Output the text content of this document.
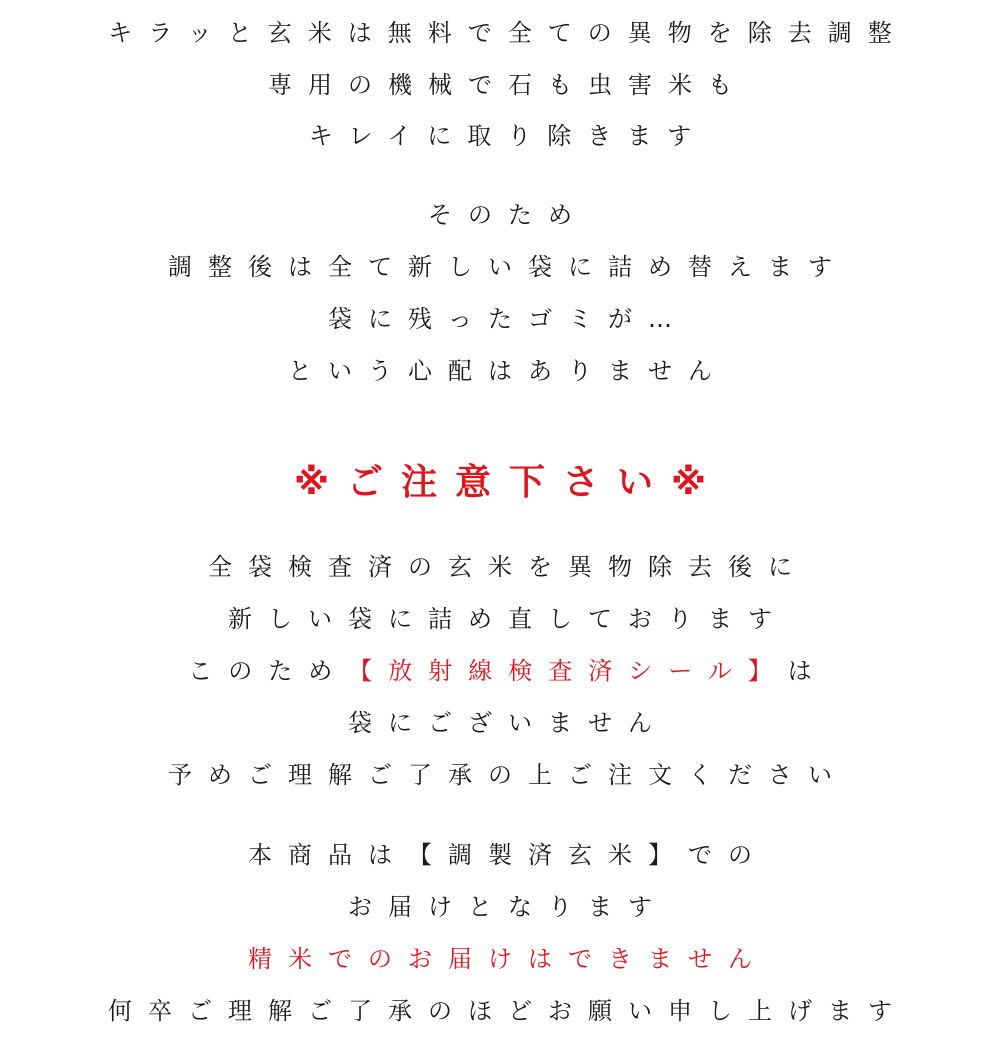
キラッと玄米は無料で全ての異物を除去調整
専用の機械で石も虫害米も
キレイに取り除きます
そのため
調整後は全て新しい袋に詰め替えます
袋に残ったゴミが…
という心配はありません
※ご注意下さい※
全袋検査済の玄米を異物除去後に
新しい袋に詰め直しております
このため【放射線検査済シール】は
袋にございません
予めご理解ご了承の上ご注文ください
本商品は【調製済玄米】での
お届けとなります
精米でのお届けはできません
何卒ご理解ご了承のほどお願い申し上げます
